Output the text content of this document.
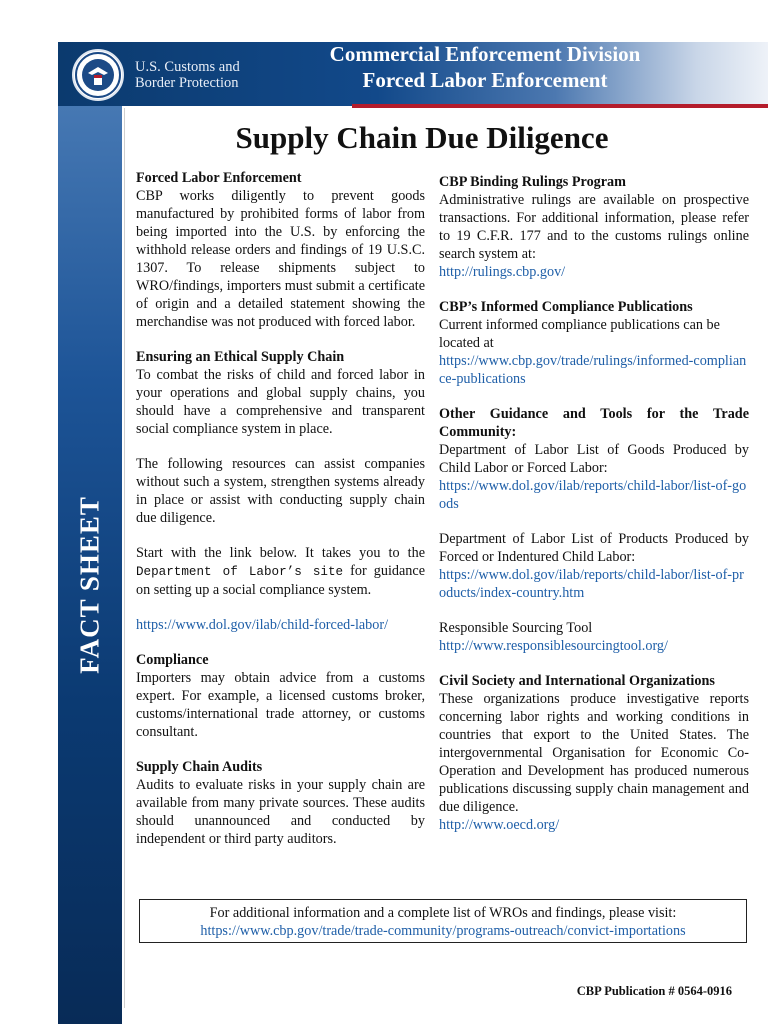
U.S. Customs and
Border Protection
Commercial Enforcement Division
Forced Labor Enforcement
FACT SHEET
Supply Chain Due Diligence
Forced Labor Enforcement
CBP works diligently to prevent goods manufactured by prohibited forms of labor from being imported into the U.S. by enforcing the withhold release orders and findings of 19 U.S.C. 1307. To release shipments subject to WRO/findings, importers must submit a certificate of origin and a detailed statement showing the merchandise was not produced with forced labor.
Ensuring an Ethical Supply Chain
To combat the risks of child and forced labor in your operations and global supply chains, you should have a comprehensive and transparent social compliance system in place.
The following resources can assist companies without such a system, strengthen systems already in place or assist with conducting supply chain due diligence.
Start with the link below. It takes you to the Department of Labor’s site for guidance on setting up a social compliance system.
https://www.dol.gov/ilab/child-forced-labor/
Compliance
Importers may obtain advice from a customs expert. For example, a licensed customs broker, customs/international trade attorney, or customs consultant.
Supply Chain Audits
Audits to evaluate risks in your supply chain are available from many private sources. These audits should unannounced and conducted by independent or third party auditors.
CBP Binding Rulings Program
Administrative rulings are available on prospective transactions. For additional information, please refer to 19 C.F.R. 177 and to the customs rulings online search system at:
http://rulings.cbp.gov/
CBP’s Informed Compliance Publications
Current informed compliance publications can be located at
https://www.cbp.gov/trade/rulings/informed-compliance-publications
Other Guidance and Tools for the Trade Community:
Department of Labor List of Goods Produced by Child Labor or Forced Labor:
https://www.dol.gov/ilab/reports/child-labor/list-of-goods
Department of Labor List of Products Produced by Forced or Indentured Child Labor:
https://www.dol.gov/ilab/reports/child-labor/list-of-products/index-country.htm
Responsible Sourcing Tool
http://www.responsiblesourcingtool.org/
Civil Society and International Organizations
These organizations produce investigative reports concerning labor rights and working conditions in countries that export to the United States. The intergovernmental Organisation for Economic Co-Operation and Development has produced numerous publications discussing supply chain management and due diligence.
http://www.oecd.org/
For additional information and a complete list of WROs and findings, please visit:
https://www.cbp.gov/trade/trade-community/programs-outreach/convict-importations
CBP Publication # 0564-0916
